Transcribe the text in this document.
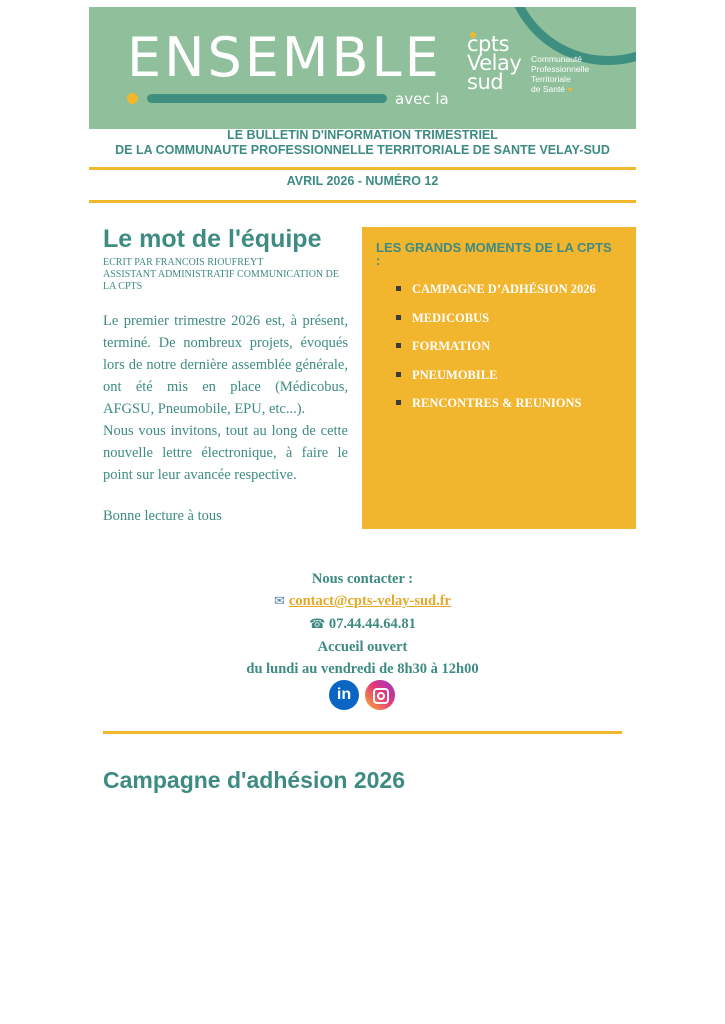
ENSEMBLE
avec la
cpts
Velay
sud
Communauté
Professionnelle
Territoriale
de Santé ●
LE BULLETIN D'INFORMATION TRIMESTRIEL
DE LA COMMUNAUTE PROFESSIONNELLE TERRITORIALE DE SANTE VELAY-SUD
AVRIL 2026 - NUMÉRO 12
Le mot de l'équipe
ECRIT PAR FRANCOIS RIOUFREYT
ASSISTANT ADMINISTRATIF COMMUNICATION DE LA CPTS
Le premier trimestre 2026 est, à présent, terminé. De nombreux projets, évoqués lors de notre dernière assemblée générale, ont été mis en place (Médicobus, AFGSU, Pneumobile, EPU, etc...).
Nous vous invitons, tout au long de cette nouvelle lettre électronique, à faire le point sur leur avancée respective.
Bonne lecture à tous
LES GRANDS MOMENTS DE LA CPTS :
CAMPAGNE D’ADHÉSION 2026
MEDICOBUS
FORMATION
PNEUMOBILE
RENCONTRES & REUNIONS
Nous contacter :
✉ contact@cpts-velay-sud.fr
☎ 07.44.44.64.81
Accueil ouvert
du lundi au vendredi de 8h30 à 12h00
in
Campagne d'adhésion 2026
